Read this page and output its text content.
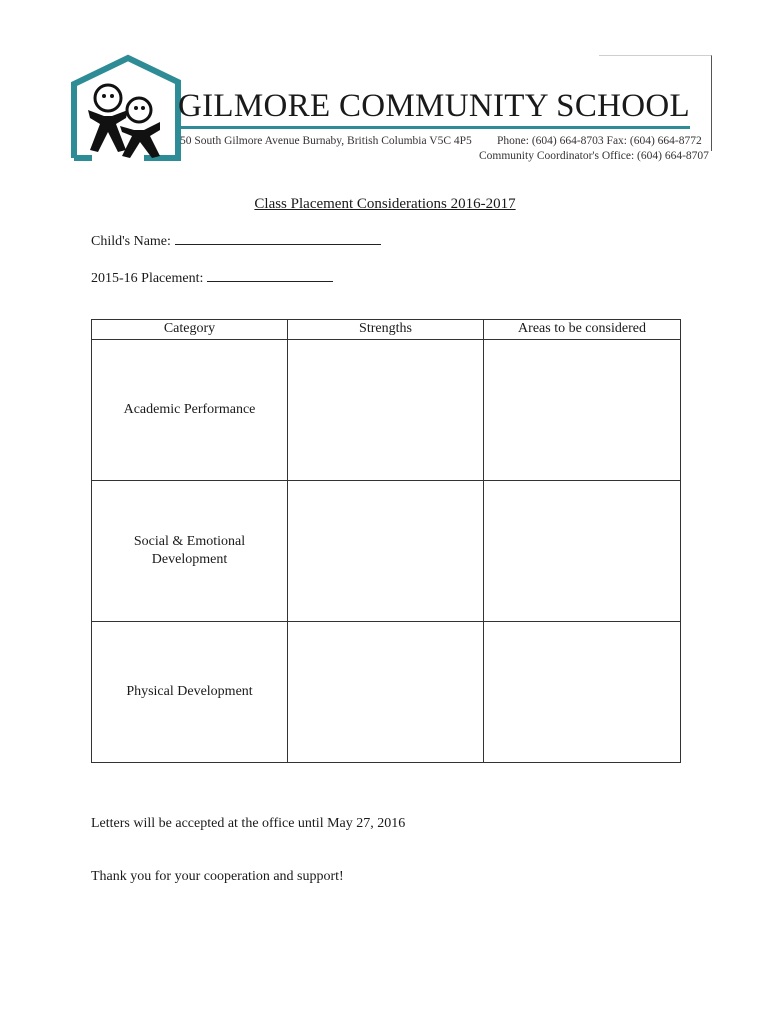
GILMORE COMMUNITY SCHOOL
50 South Gilmore Avenue Burnaby, British Columbia V5C 4P5 Phone: (604) 664-8703 Fax: (604) 664-8772
Community Coordinator's Office: (604) 664-8707
Class Placement Considerations 2016-2017
Child's Name:
2015-16 Placement:
Category	Strengths	Areas to be considered
Academic Performance		
Social & Emotional
Development		
Physical Development		
Letters will be accepted at the office until May 27, 2016
Thank you for your cooperation and support!
